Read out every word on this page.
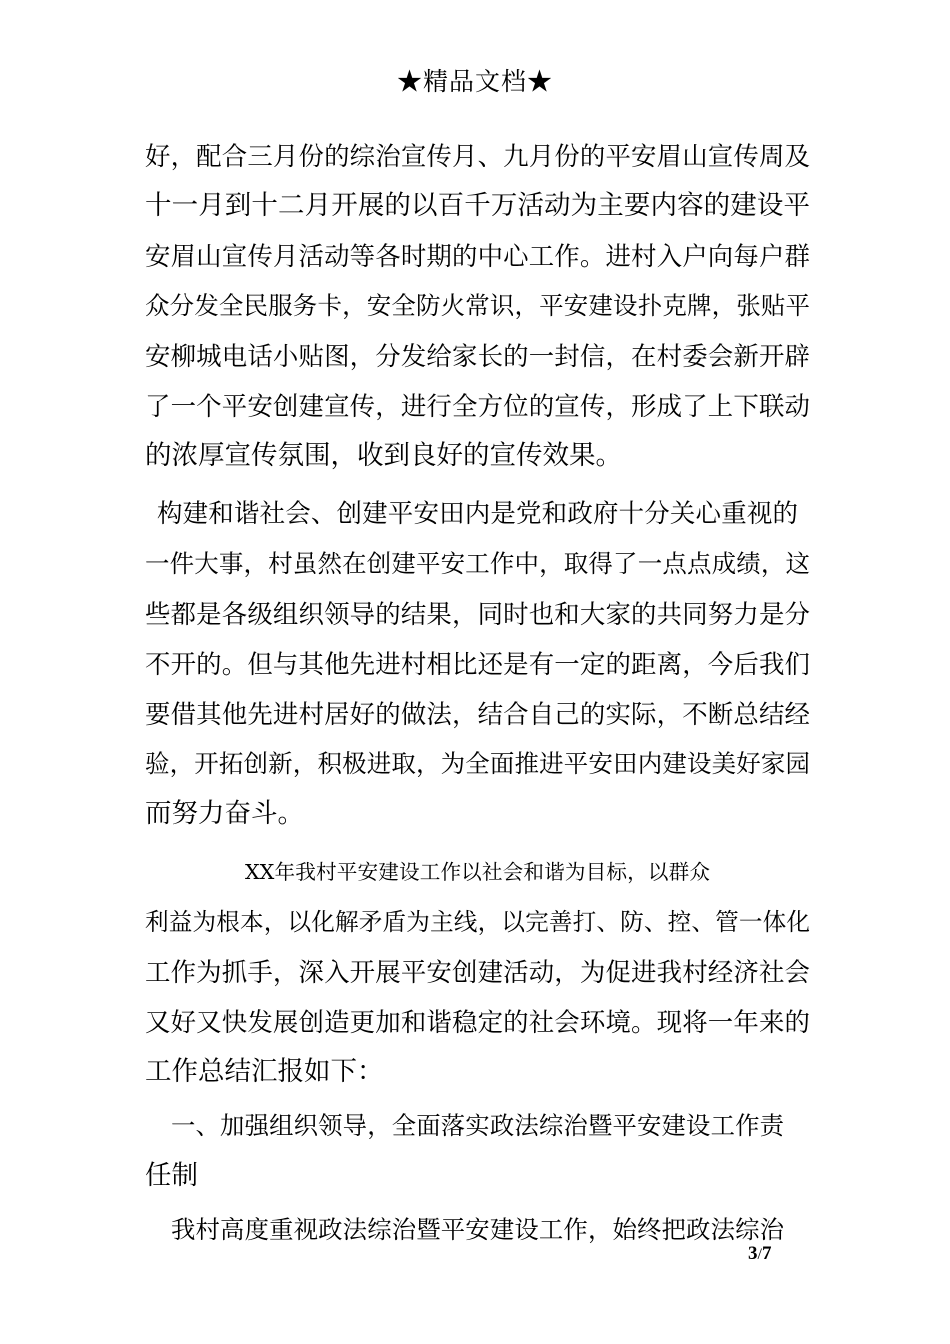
★精品文档★
好，配合三月份的综治宣传月、九月份的平安眉山宣传周及
十一月到十二月开展的以百千万活动为主要内容的建设平
安眉山宣传月活动等各时期的中心工作。进村入户向每户群
众分发全民服务卡，安全防火常识，平安建设扑克牌，张贴平
安柳城电话小贴图，分发给家长的一封信，在村委会新开辟
了一个平安创建宣传，进行全方位的宣传，形成了上下联动
的浓厚宣传氛围，收到良好的宣传效果。
构建和谐社会、创建平安田内是党和政府十分关心重视的
一件大事，村虽然在创建平安工作中，取得了一点点成绩，这
些都是各级组织领导的结果，同时也和大家的共同努力是分
不开的。但与其他先进村相比还是有一定的距离，今后我们
要借其他先进村居好的做法，结合自己的实际，不断总结经
验，开拓创新，积极进取，为全面推进平安田内建设美好家园
而努力奋斗。
XX年我村平安建设工作以社会和谐为目标，以群众
利益为根本，以化解矛盾为主线，以完善打、防、控、管一体化
工作为抓手，深入开展平安创建活动，为促进我村经济社会
又好又快发展创造更加和谐稳定的社会环境。现将一年来的
工作总结汇报如下：
一、加强组织领导，全面落实政法综治暨平安建设工作责
任制
我村高度重视政法综治暨平安建设工作，始终把政法综治
3/7
